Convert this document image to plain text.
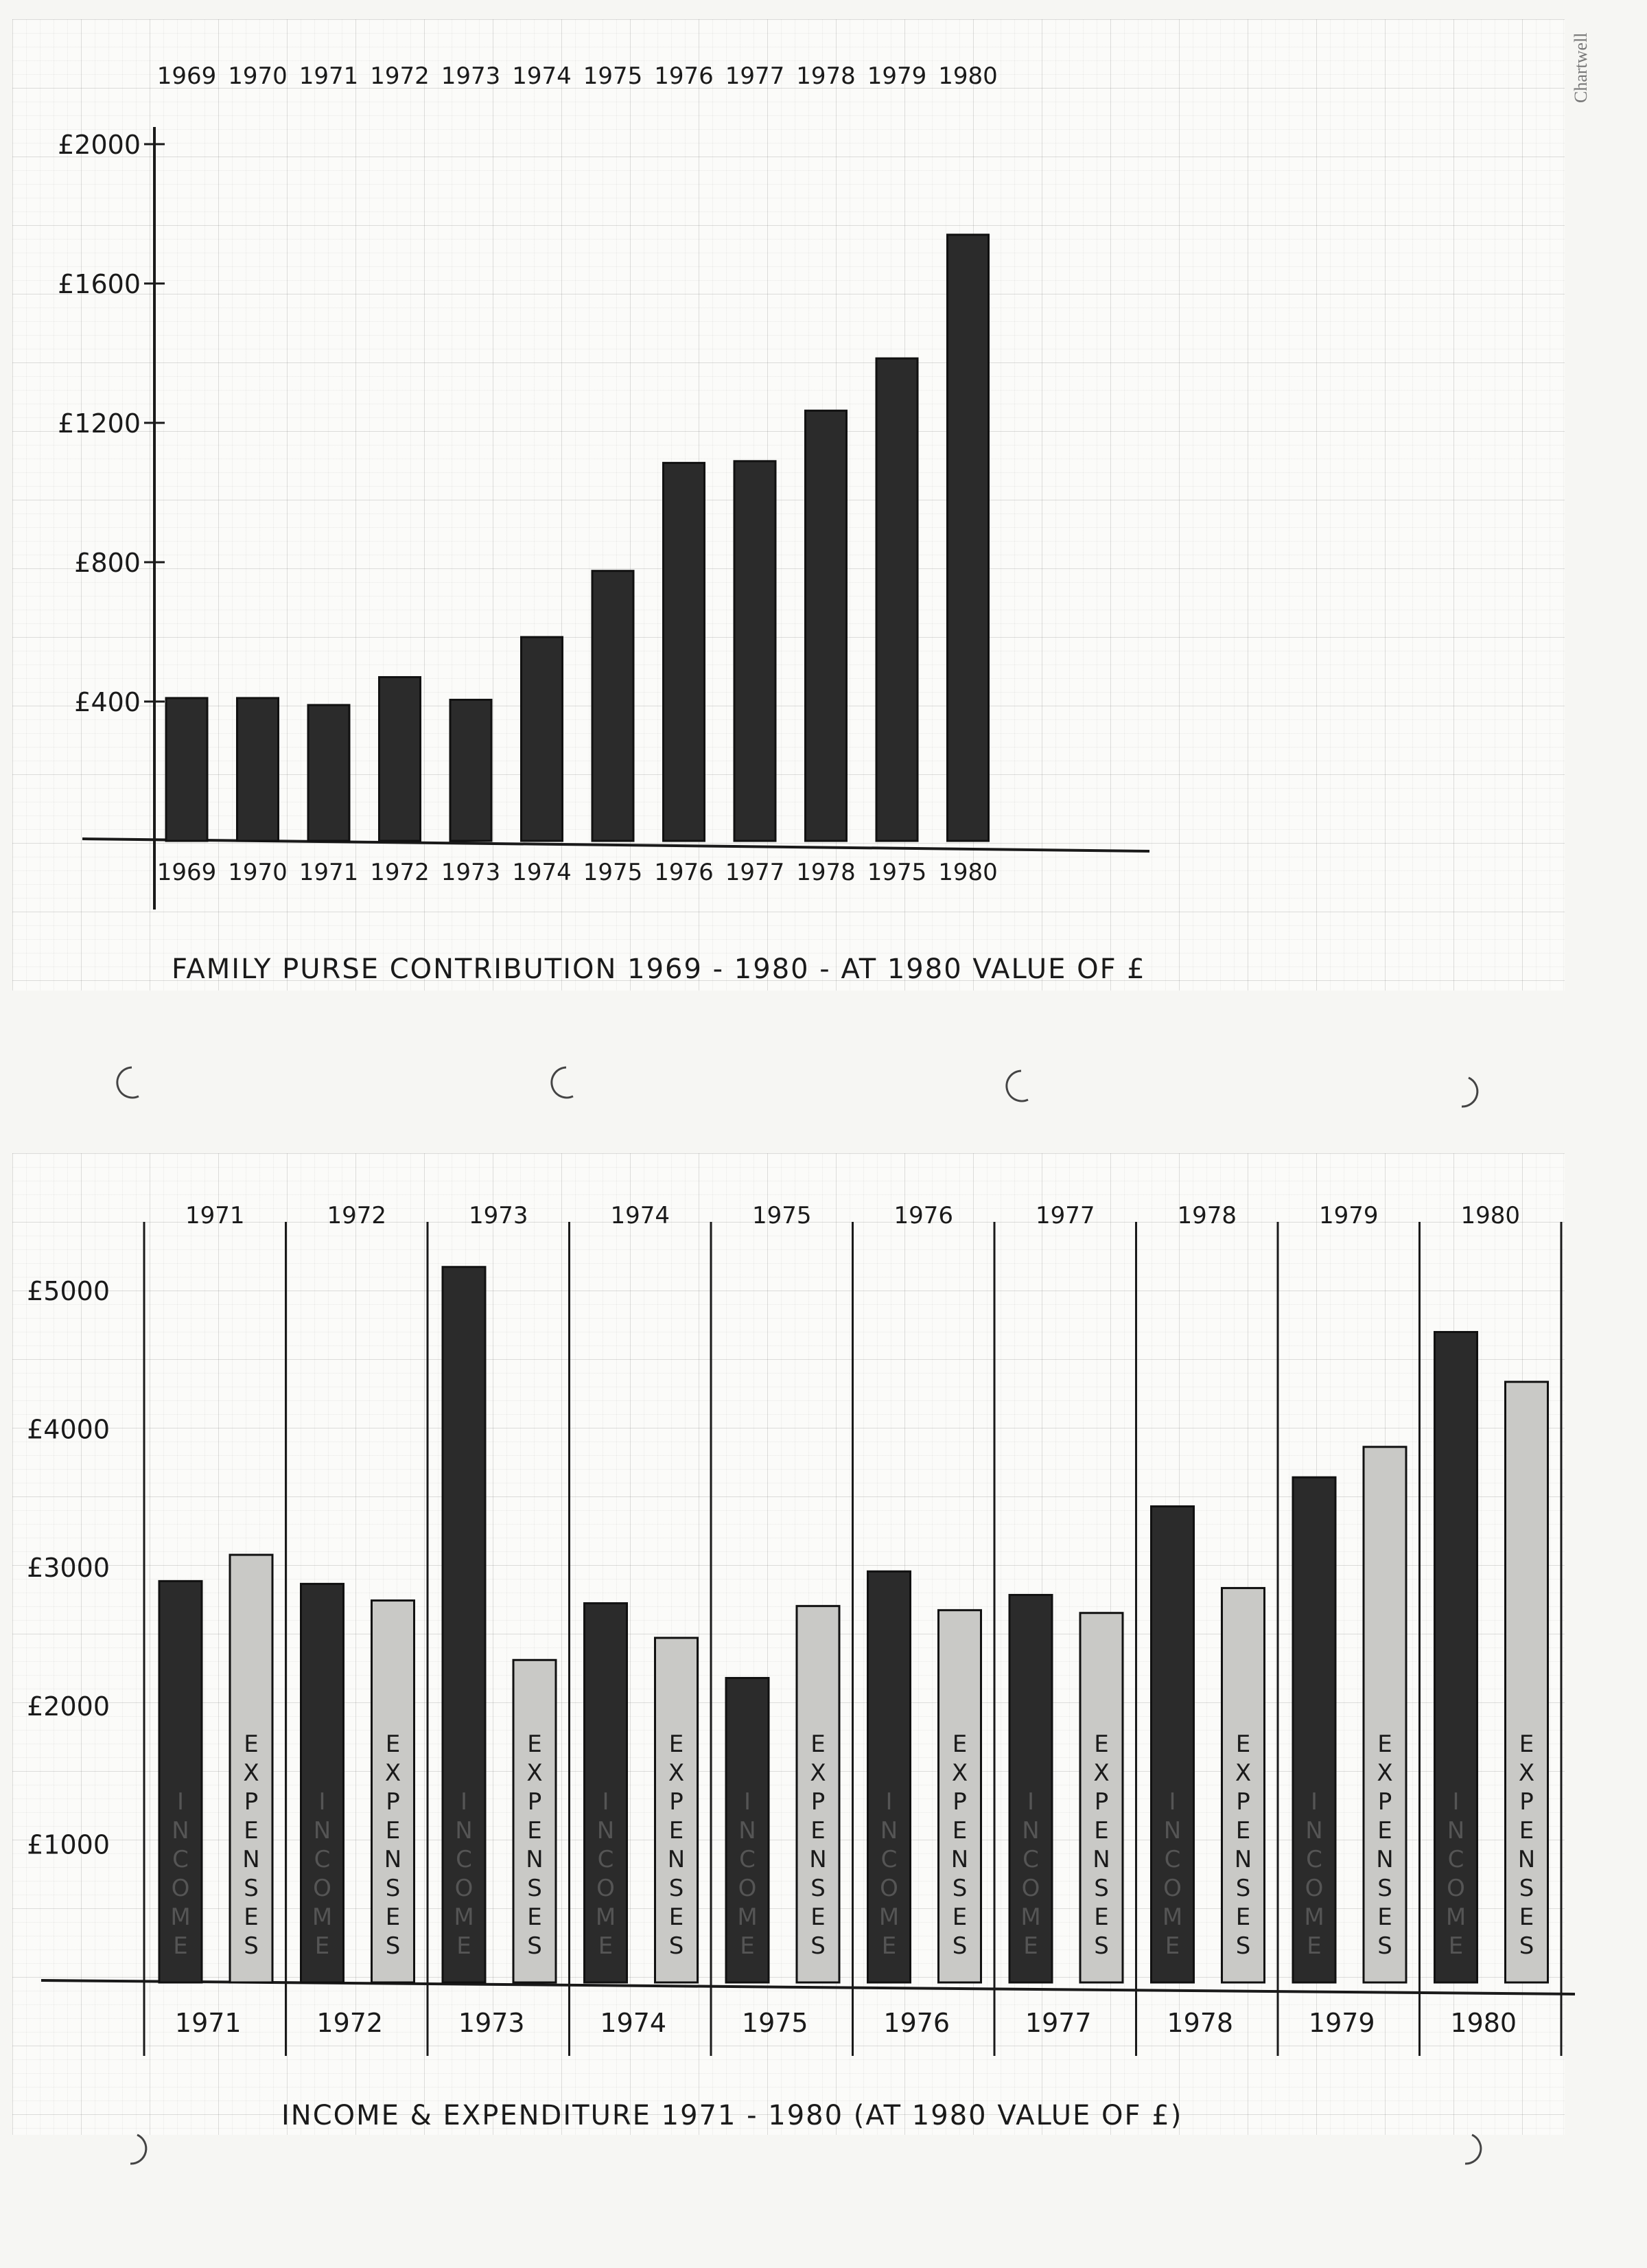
Chartwell
£2000
£1600
£1200
£800
£400
1969 1970 1971 1972 1973 1974 1975 1976 1977 1978 1979 1980
1969 1970 1971 1972 1973 1974 1975 1976 1977 1978 1975 1980
FAMILY PURSE CONTRIBUTION 1969 - 1980 - AT 1980 VALUE OF £
£5000
£4000
£3000
£2000
£1000
I
N
C
O
M
E
E
X
P
E
N
S
E
S
I
N
C
O
M
E
E
X
P
E
N
S
E
S
I
N
C
O
M
E
E
X
P
E
N
S
E
S
I
N
C
O
M
E
E
X
P
E
N
S
E
S
I
N
C
O
M
E
E
X
P
E
N
S
E
S
I
N
C
O
M
E
E
X
P
E
N
S
E
S
I
N
C
O
M
E
E
X
P
E
N
S
E
S
I
N
C
O
M
E
E
X
P
E
N
S
E
S
I
N
C
O
M
E
E
X
P
E
N
S
E
S
I
N
C
O
M
E
E
X
P
E
N
S
E
S
1971	1972	1973	1974	1975	1976	1977	1978	1979	1980
1971	1972	1973	1974	1975	1976	1977	1978	1979	1980
INCOME & EXPENDITURE 1971 - 1980 (AT 1980 VALUE OF £)
